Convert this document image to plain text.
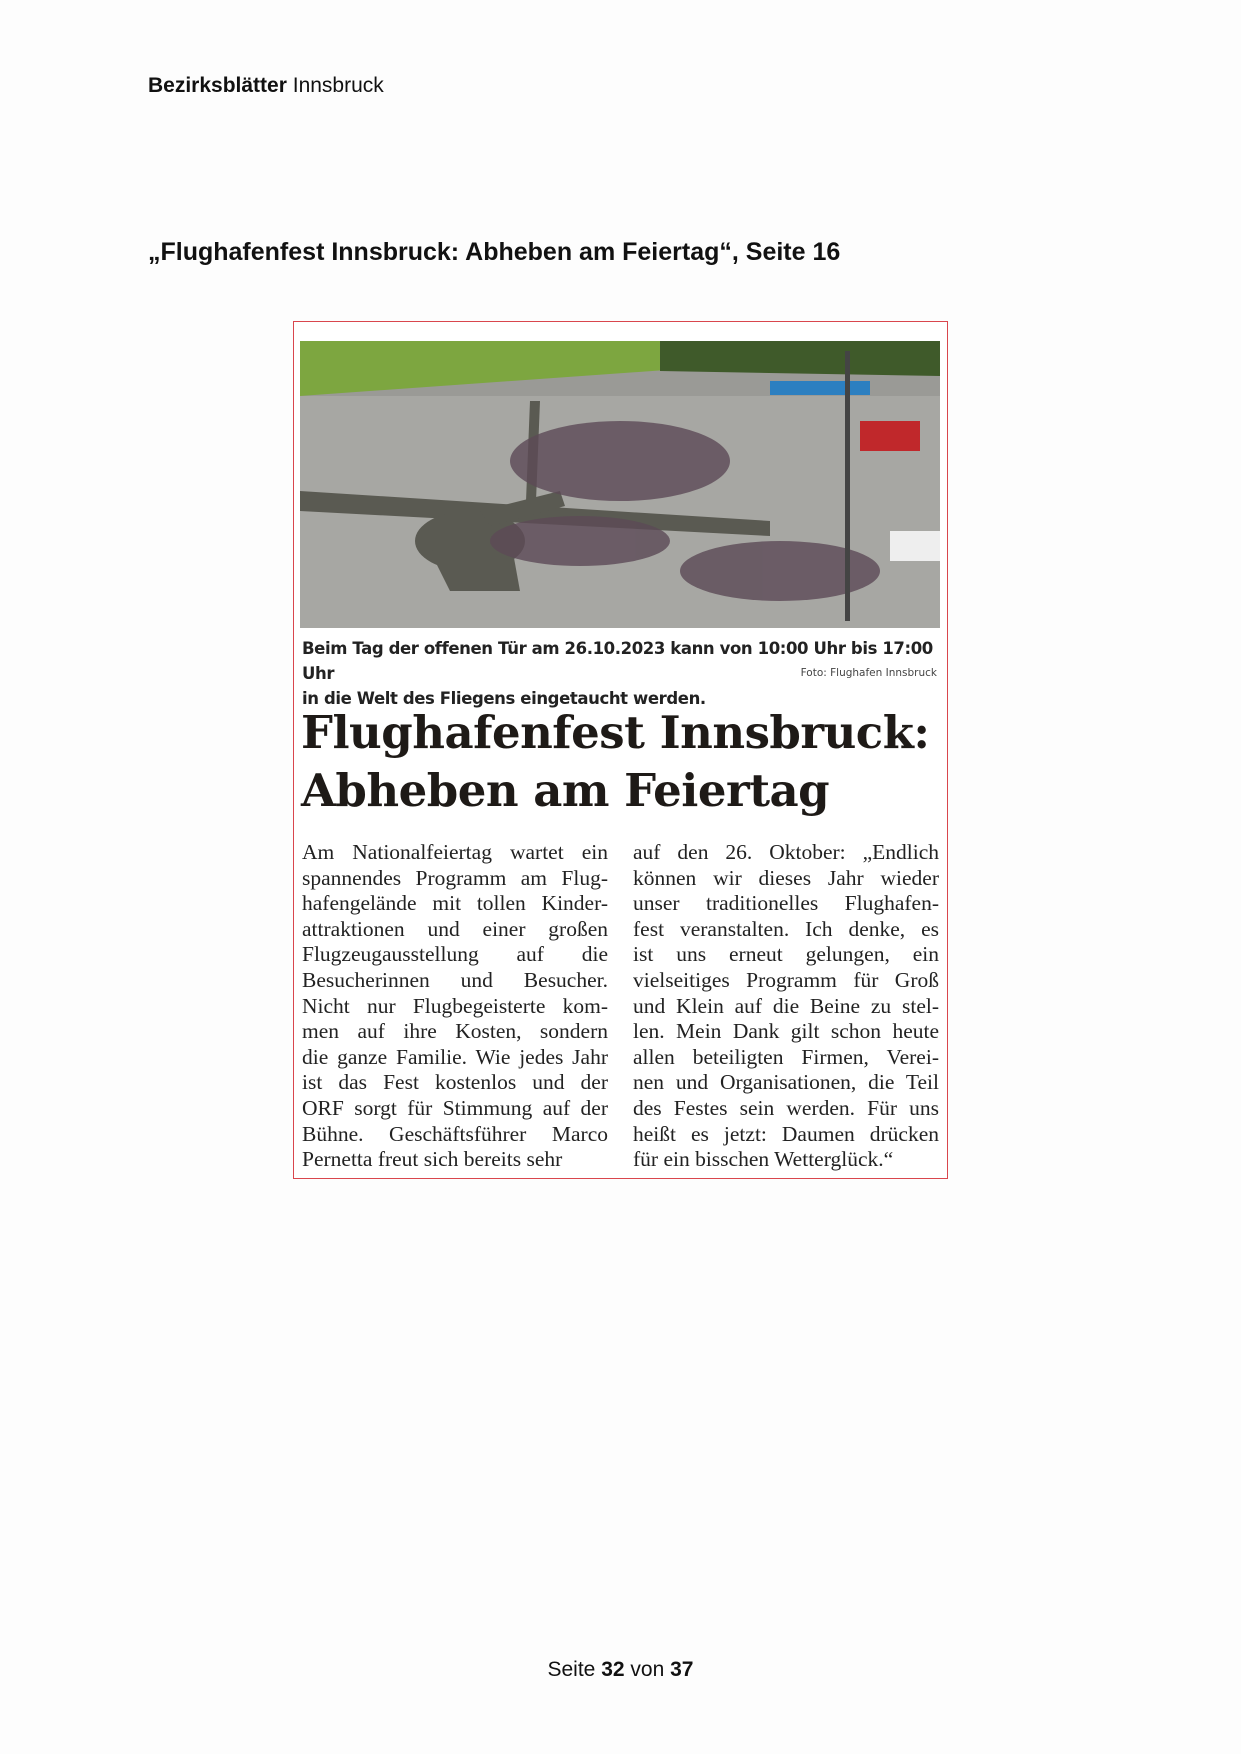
Bezirksblätter Innsbruck
„Flughafenfest Innsbruck: Abheben am Feiertag“, Seite 16
Beim Tag der offenen Tür am 26.10.2023 kann von 10:00 Uhr bis 17:00 Uhr
in die Welt des Fliegens eingetaucht werden.
Foto: Flughafen Innsbruck
Flughafenfest Innsbruck:
Abheben am Feiertag
Am Nationalfeiertag wartet ein
spannendes Programm am Flug-
hafengelände mit tollen Kinder-
attraktionen und einer großen
Flugzeugausstellung auf die
Besucherinnen und Besucher.
Nicht nur Flugbegeisterte kom-
men auf ihre Kosten, sondern
die ganze Familie. Wie jedes Jahr
ist das Fest kostenlos und der
ORF sorgt für Stimmung auf der
Bühne. Geschäftsführer Marco
Pernetta freut sich bereits sehr
auf den 26. Oktober: „Endlich
können wir dieses Jahr wieder
unser traditionelles Flughafen-
fest veranstalten. Ich denke, es
ist uns erneut gelungen, ein
vielseitiges Programm für Groß
und Klein auf die Beine zu stel-
len. Mein Dank gilt schon heute
allen beteiligten Firmen, Verei-
nen und Organisationen, die Teil
des Festes sein werden. Für uns
heißt es jetzt: Daumen drücken
für ein bisschen Wetterglück.“
Seite 32 von 37
